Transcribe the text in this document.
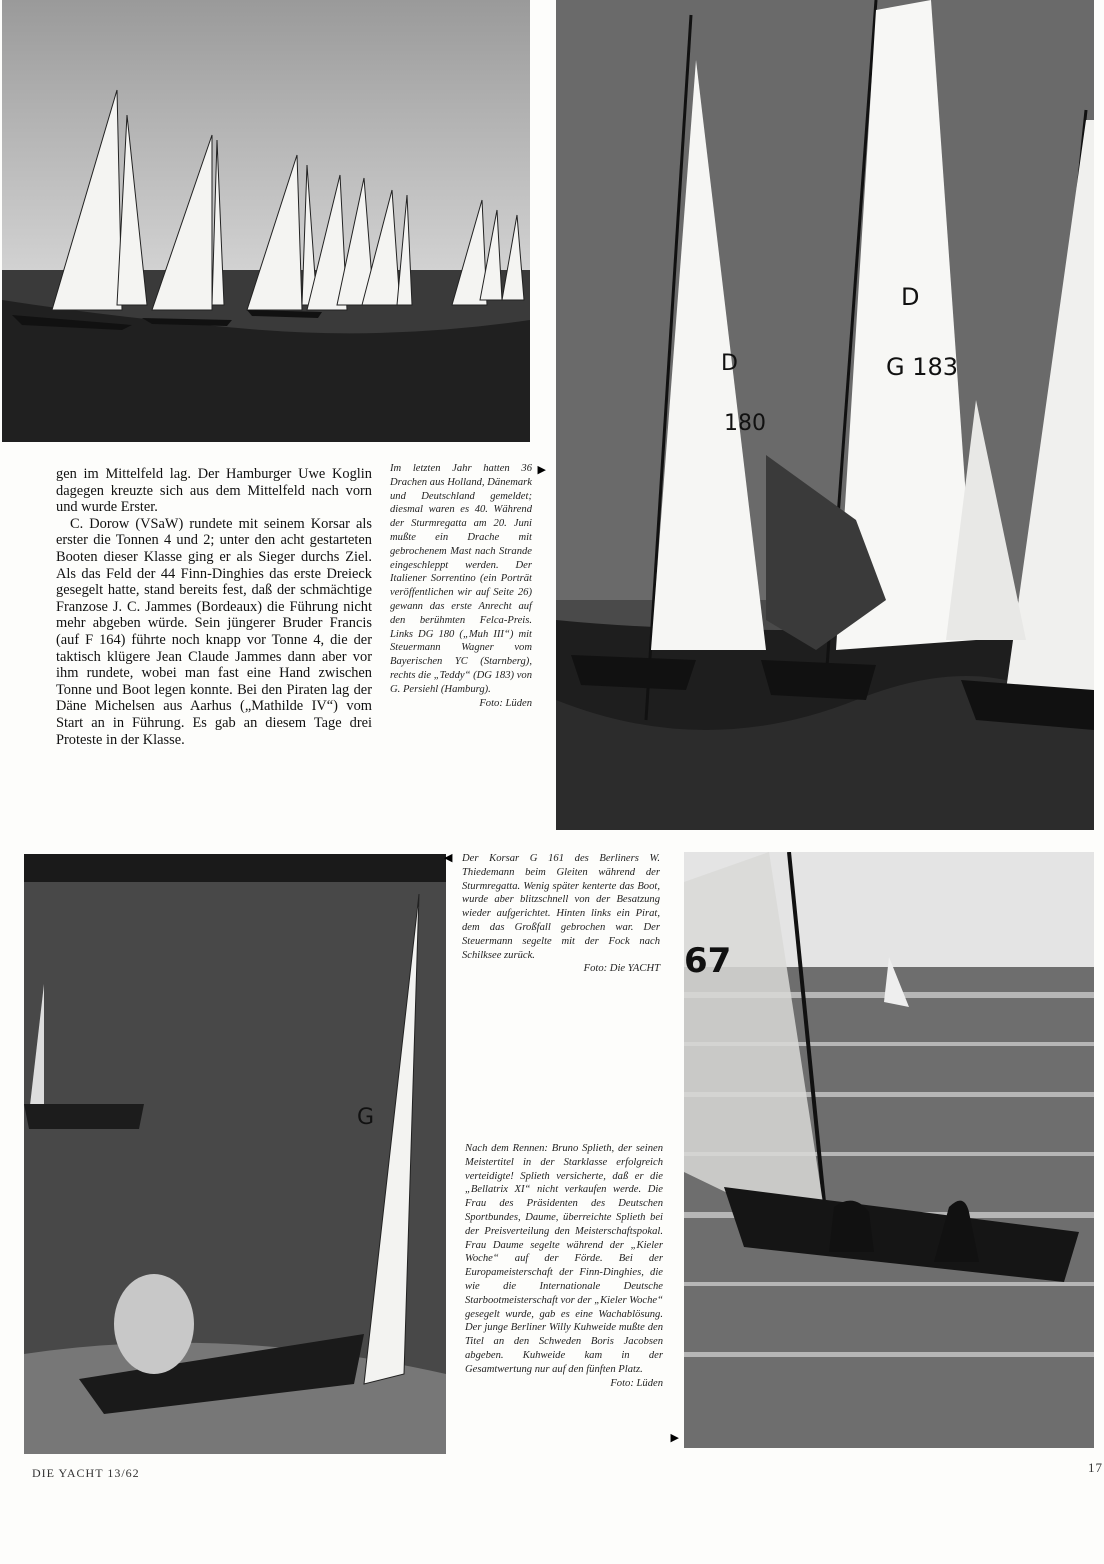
D
180
D
G 183

gen im Mittelfeld lag. Der Hamburger Uwe Koglin dagegen kreuzte sich aus dem Mittelfeld nach vorn und wurde Erster.

C. Dorow (VSaW) rundete mit seinem Korsar als erster die Tonnen 4 und 2; unter den acht gestarteten Booten dieser Klasse ging er als Sieger durchs Ziel. Als das Feld der 44 Finn-Dinghies das erste Dreieck gesegelt hatte, stand bereits fest, daß der schmächtige Franzose J. C. Jammes (Bordeaux) die Führung nicht mehr abgeben würde. Sein jüngerer Bruder Francis (auf F 164) führte noch knapp vor Tonne 4, die der taktisch klügere Jean Claude Jammes dann aber vor ihm rundete, wobei man fast eine Hand zwischen Tonne und Boot legen konnte. Bei den Piraten lag der Däne Michelsen aus Aarhus („Mathilde IV“) vom Start an in Führung. Es gab an diesem Tage drei Proteste in der Klasse.

▶
Im letzten Jahr hatten 36 Drachen aus Holland, Dänemark und Deutschland gemeldet; diesmal waren es 40. Während der Sturmregatta am 20. Juni mußte ein Drache mit gebrochenem Mast nach Strande eingeschleppt werden. Der Italiener Sorrentino (ein Porträt veröffentlichen wir auf Seite 26) gewann das erste Anrecht auf den berühmten Felca-Preis. Links DG 180 („Muh III“) mit Steuermann Wagner vom Bayerischen YC (Starnberg), rechts die „Teddy“ (DG 183) von G. Persiehl (Hamburg).
Foto: Lüden
G
◀ Der Korsar G 161 des Berliners W. Thiedemann beim Gleiten während der Sturmregatta. Wenig später kenterte das Boot, wurde aber blitzschnell von der Besatzung wieder aufgerichtet. Hinten links ein Pirat, dem das Großfall gebrochen war. Der Steuermann segelte mit der Fock nach Schilksee zurück.
Foto: Die YACHT
Nach dem Rennen: Bruno Splieth, der seinen Meistertitel in der Starklasse erfolgreich verteidigte! Splieth versicherte, daß er die „Bellatrix XI“ nicht verkaufen werde. Die Frau des Präsidenten des Deutschen Sportbundes, Daume, überreichte Splieth bei der Preisverteilung den Meisterschaftspokal. Frau Daume segelte während der „Kieler Woche“ auf der Förde. Bei der Europameisterschaft der Finn-Dinghies, die wie die Internationale Deutsche Starbootmeisterschaft vor der „Kieler Woche“ gesegelt wurde, gab es eine Wachablösung. Der junge Berliner Willy Kuhweide mußte den Titel an den Schweden Boris Jacobsen abgeben. Kuhweide kam in der Gesamtwertung nur auf den fünften Platz.
Foto: Lüden
▶
67
DIE YACHT 13/62	17
